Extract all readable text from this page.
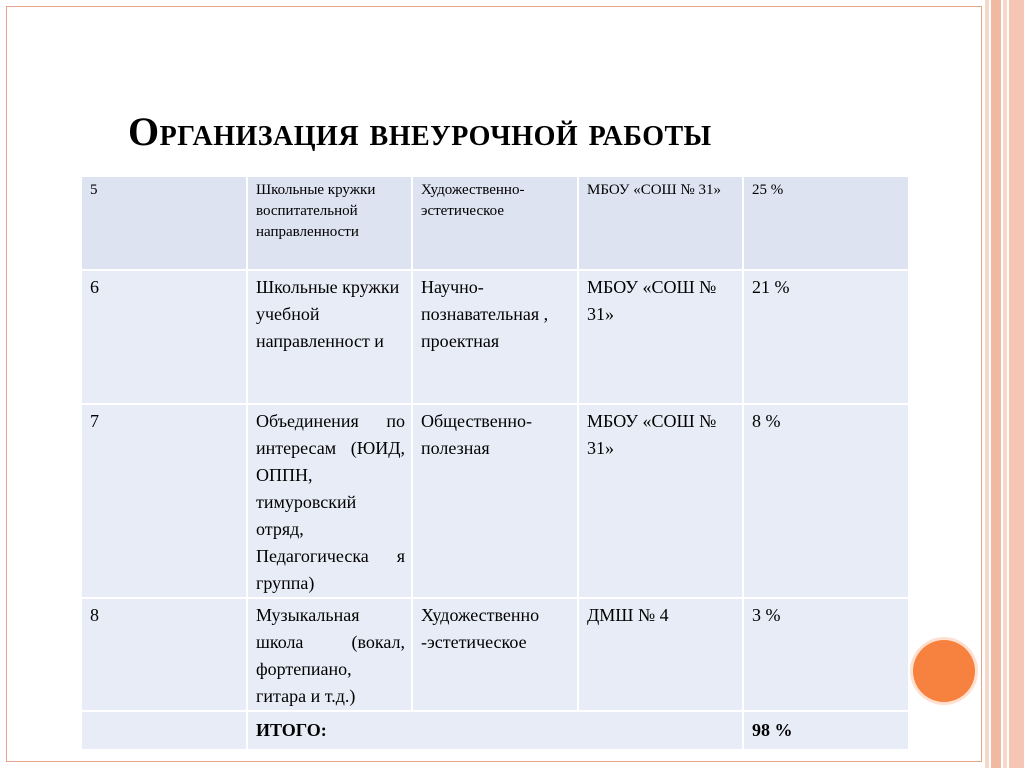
Организация внеурочной работы
5	Школьные кружки воспитательной направленности	Художественно-эстетическое	МБОУ «СОШ № 31»	25 %
6	Школьные кружки учебной направленност и	Научно-познавательная , проектная	МБОУ «СОШ № 31»	21 %
7	Объединения по интересам (ЮИД, ОППН, тимуровский отряд, Педагогическа я группа)	Общественно-полезная	МБОУ «СОШ № 31»	8 %
8	Музыкальная школа (вокал, фортепиано, гитара и т.д.)	Художественно -эстетическое	ДМШ № 4	3 %
	ИТОГО:			98 %
